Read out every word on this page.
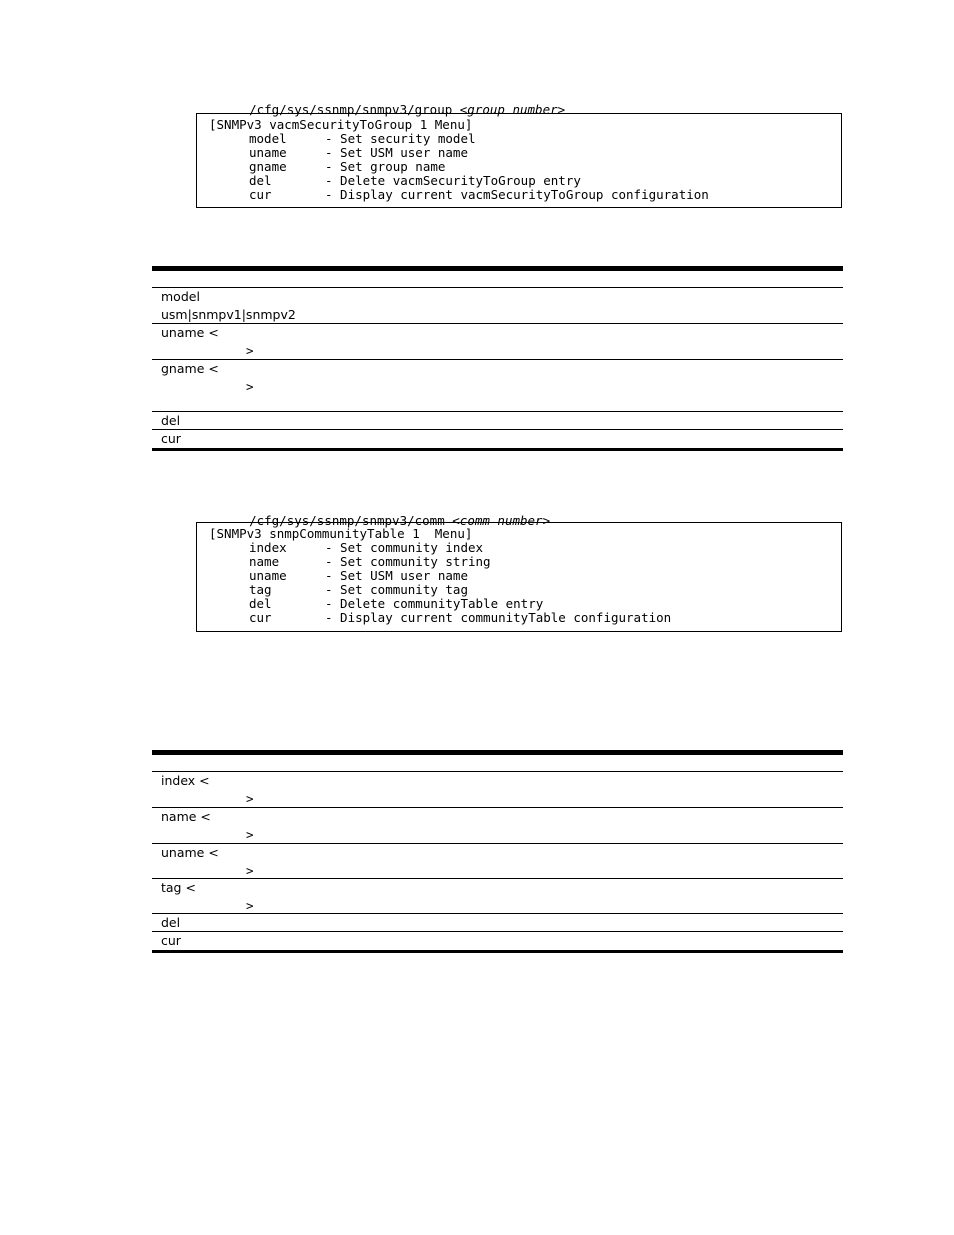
/cfg/sys/ssnmp/snmpv3/group <group number>

[SNMPv3 vacmSecurityToGroup 1 Menu]
model	- Set security model
uname	- Set USM user name
gname	- Set group name
del	- Delete vacmSecurityToGroup entry
cur	- Display current vacmSecurityToGroup configuration
model
usm|snmpv1|snmpv2
uname <
>
gname <
>
del
cur

/cfg/sys/ssnmp/snmpv3/comm <comm number>

[SNMPv3 snmpCommunityTable 1  Menu]
index	- Set community index
name	- Set community string
uname	- Set USM user name
tag	- Set community tag
del	- Delete communityTable entry
cur	- Display current communityTable configuration
index <
>
name <
>
uname <
>
tag <
>
del
cur
